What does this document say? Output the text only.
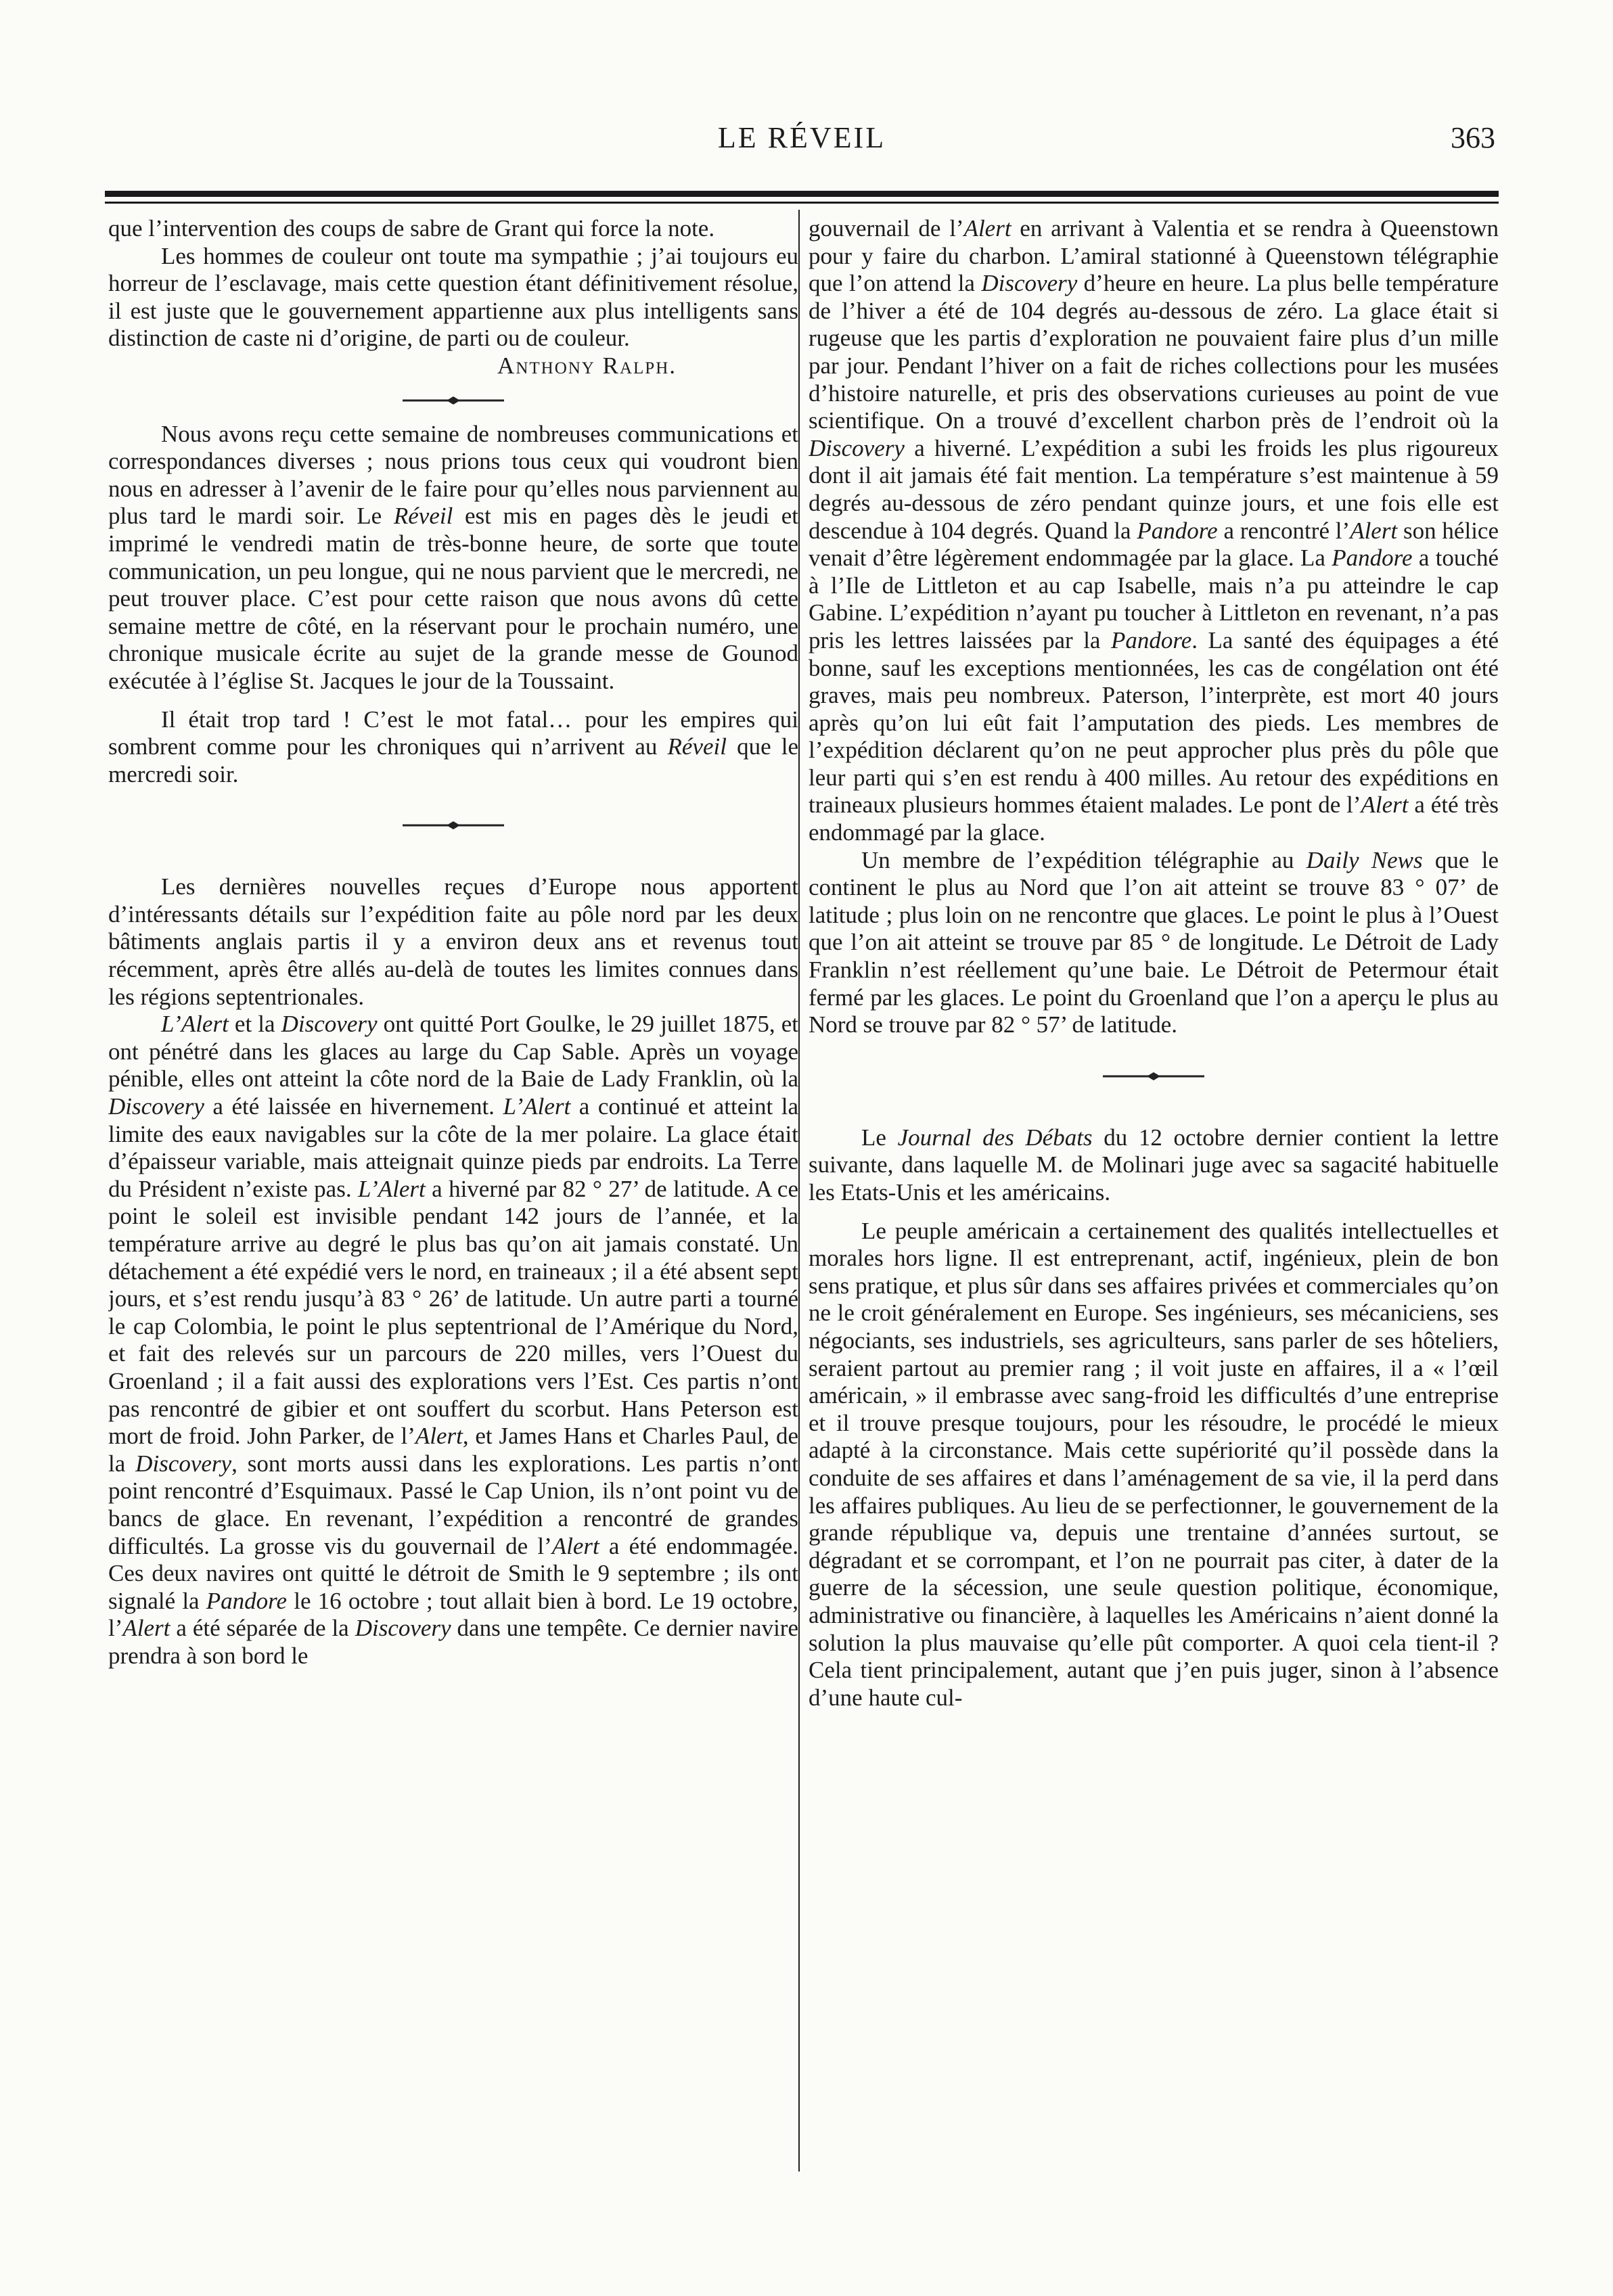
LE RÉVEIL	363

que l’intervention des coups de sabre de Grant qui force la note.

Les hommes de couleur ont toute ma sympathie ; j’ai toujours eu horreur de l’esclavage, mais cette question étant définitivement résolue, il est juste que le gouvernement appartienne aux plus intelligents sans distinction de caste ni d’origine, de parti ou de couleur.

Anthony Ralph.

Nous avons reçu cette semaine de nombreuses communications et correspondances diverses ; nous prions tous ceux qui voudront bien nous en adresser à l’avenir de le faire pour qu’elles nous parviennent au plus tard le mardi soir. Le Réveil est mis en pages dès le jeudi et imprimé le vendredi matin de très-bonne heure, de sorte que toute communication, un peu longue, qui ne nous parvient que le mercredi, ne peut trouver place. C’est pour cette raison que nous avons dû cette semaine mettre de côté, en la réservant pour le prochain numéro, une chronique musicale écrite au sujet de la grande messe de Gounod exécutée à l’église St. Jacques le jour de la Toussaint.

Il était trop tard ! C’est le mot fatal… pour les empires qui sombrent comme pour les chroniques qui n’arrivent au Réveil que le mercredi soir.

Les dernières nouvelles reçues d’Europe nous apportent d’intéressants détails sur l’expédition faite au pôle nord par les deux bâtiments anglais partis il y a environ deux ans et revenus tout récemment, après être allés au-delà de toutes les limites connues dans les régions septentrionales.

L’Alert et la Discovery ont quitté Port Goulke, le 29 juillet 1875, et ont pénétré dans les glaces au large du Cap Sable. Après un voyage pénible, elles ont atteint la côte nord de la Baie de Lady Franklin, où la Discovery a été laissée en hivernement. L’Alert a continué et atteint la limite des eaux navigables sur la côte de la mer polaire. La glace était d’épaisseur variable, mais atteignait quinze pieds par endroits. La Terre du Président n’existe pas. L’Alert a hiverné par 82 ° 27’ de latitude. A ce point le soleil est invisible pendant 142 jours de l’année, et la température arrive au degré le plus bas qu’on ait jamais constaté. Un détachement a été expédié vers le nord, en traineaux ; il a été absent sept jours, et s’est rendu jusqu’à 83 ° 26’ de latitude. Un autre parti a tourné le cap Colombia, le point le plus septentrional de l’Amérique du Nord, et fait des relevés sur un parcours de 220 milles, vers l’Ouest du Groenland ; il a fait aussi des explorations vers l’Est. Ces partis n’ont pas rencontré de gibier et ont souffert du scorbut. Hans Peterson est mort de froid. John Parker, de l’Alert, et James Hans et Charles Paul, de la Discovery, sont morts aussi dans les explorations. Les partis n’ont point rencontré d’Esquimaux. Passé le Cap Union, ils n’ont point vu de bancs de glace. En revenant, l’expédition a rencontré de grandes difficultés. La grosse vis du gouvernail de l’Alert a été endommagée. Ces deux navires ont quitté le détroit de Smith le 9 septembre ; ils ont signalé la Pandore le 16 octobre ; tout allait bien à bord. Le 19 octobre, l’Alert a été séparée de la Discovery dans une tempête. Ce dernier navire prendra à son bord le

gouvernail de l’Alert en arrivant à Valentia et se rendra à Queenstown pour y faire du charbon. L’amiral stationné à Queenstown télégraphie que l’on attend la Discovery d’heure en heure. La plus belle température de l’hiver a été de 104 degrés au-dessous de zéro. La glace était si rugeuse que les partis d’exploration ne pouvaient faire plus d’un mille par jour. Pendant l’hiver on a fait de riches collections pour les musées d’histoire naturelle, et pris des observations curieuses au point de vue scientifique. On a trouvé d’excellent charbon près de l’endroit où la Discovery a hiverné. L’expédition a subi les froids les plus rigoureux dont il ait jamais été fait mention. La température s’est maintenue à 59 degrés au-dessous de zéro pendant quinze jours, et une fois elle est descendue à 104 degrés. Quand la Pandore a rencontré l’Alert son hélice venait d’être légèrement endommagée par la glace. La Pandore a touché à l’Ile de Littleton et au cap Isabelle, mais n’a pu atteindre le cap Gabine. L’expédition n’ayant pu toucher à Littleton en revenant, n’a pas pris les lettres laissées par la Pandore. La santé des équipages a été bonne, sauf les exceptions mentionnées, les cas de congélation ont été graves, mais peu nombreux. Paterson, l’interprète, est mort 40 jours après qu’on lui eût fait l’amputation des pieds. Les membres de l’expédition déclarent qu’on ne peut approcher plus près du pôle que leur parti qui s’en est rendu à 400 milles. Au retour des expéditions en traineaux plusieurs hommes étaient malades. Le pont de l’Alert a été très endommagé par la glace.

Un membre de l’expédition télégraphie au Daily News que le continent le plus au Nord que l’on ait atteint se trouve 83 ° 07’ de latitude ; plus loin on ne rencontre que glaces. Le point le plus à l’Ouest que l’on ait atteint se trouve par 85 ° de longitude. Le Détroit de Lady Franklin n’est réellement qu’une baie. Le Détroit de Petermour était fermé par les glaces. Le point du Groenland que l’on a aperçu le plus au Nord se trouve par 82 ° 57’ de latitude.

Le Journal des Débats du 12 octobre dernier contient la lettre suivante, dans laquelle M. de Molinari juge avec sa sagacité habituelle les Etats-Unis et les américains.

Le peuple américain a certainement des qualités intellectuelles et morales hors ligne. Il est entreprenant, actif, ingénieux, plein de bon sens pratique, et plus sûr dans ses affaires privées et commerciales qu’on ne le croit généralement en Europe. Ses ingénieurs, ses mécaniciens, ses négociants, ses industriels, ses agriculteurs, sans parler de ses hôteliers, seraient partout au premier rang ; il voit juste en affaires, il a « l’œil américain, » il embrasse avec sang-froid les difficultés d’une entreprise et il trouve presque toujours, pour les résoudre, le procédé le mieux adapté à la circonstance. Mais cette supériorité qu’il possède dans la conduite de ses affaires et dans l’aménagement de sa vie, il la perd dans les affaires publiques. Au lieu de se perfectionner, le gouvernement de la grande république va, depuis une trentaine d’années surtout, se dégradant et se corrompant, et l’on ne pourrait pas citer, à dater de la guerre de la sécession, une seule question politique, économique, administrative ou financière, à laquelles les Américains n’aient donné la solution la plus mauvaise qu’elle pût comporter. A quoi cela tient-il ? Cela tient principalement, autant que j’en puis juger, sinon à l’absence d’une haute cul-
